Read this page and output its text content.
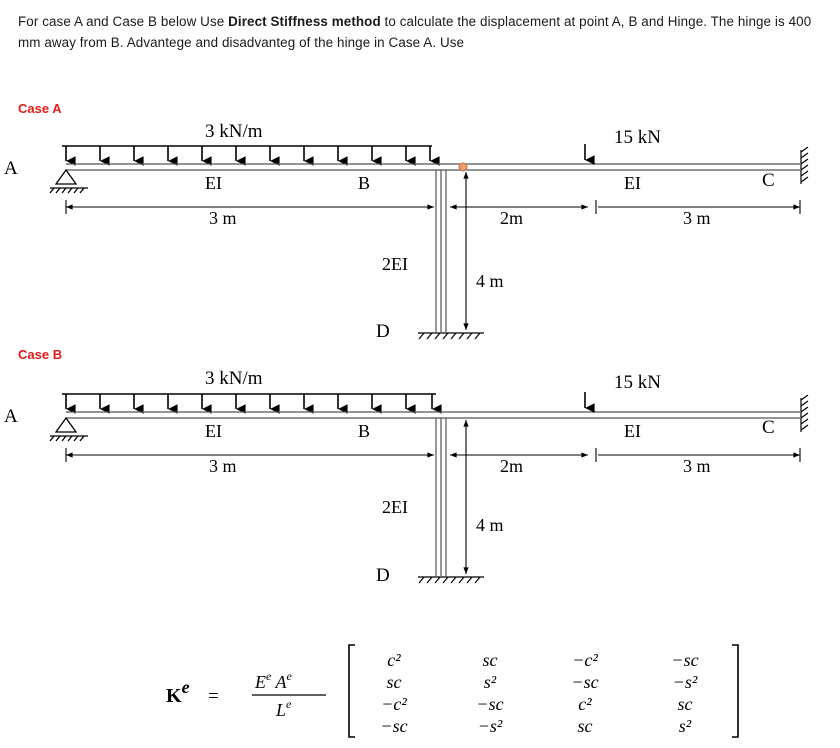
For case A and Case B below Use Direct Stiffness method to calculate the displacement at point A, B and Hinge. The hinge is 400 mm away from B. Advantege and disadvanteg of the hinge in Case A. Use
Case A
Case B
3 kN/m
A
C
D
15 kN
EI	B	EI
2EI
3 m	2m	3 m
4 m
3 kN/m
A
C
D
15 kN
EI	B	EI
2EI
3 m	2m	3 m
4 m
Ke =
$E^e$ $A^e$
Le
c²	sc	−c²	−sc
sc	s²	−sc	−s²
−c²	−sc	c²	sc
−sc	−s²	sc	s²
